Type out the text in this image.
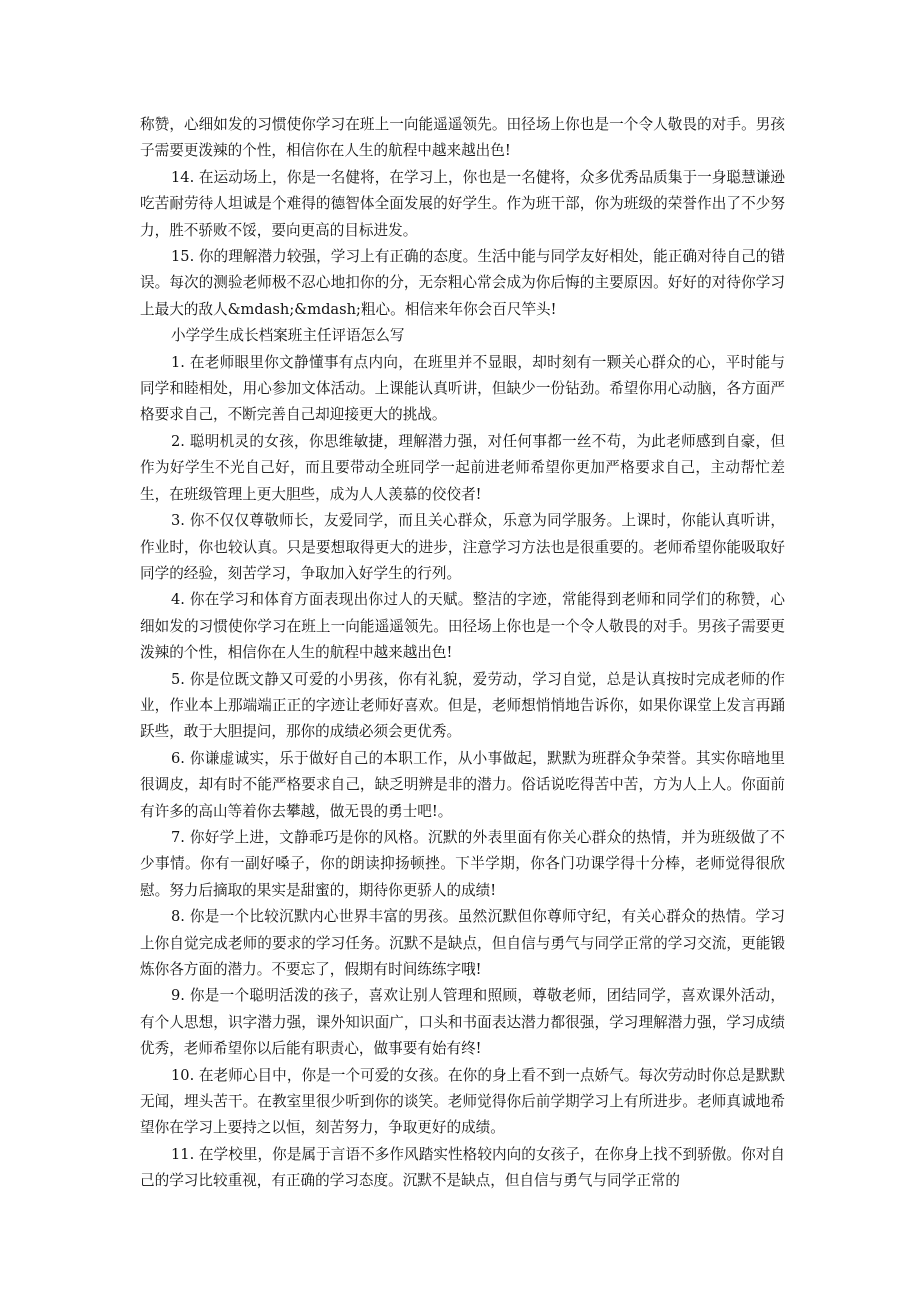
称赞，心细如发的习惯使你学习在班上一向能遥遥领先。田径场上你也是一个令人敬畏的对手。男孩子需要更泼辣的个性，相信你在人生的航程中越来越出色!

14. 在运动场上，你是一名健将，在学习上，你也是一名健将，众多优秀品质集于一身聪慧谦逊吃苦耐劳待人坦诚是个难得的德智体全面发展的好学生。作为班干部，你为班级的荣誉作出了不少努力，胜不骄败不馁，要向更高的目标进发。

15. 你的理解潜力较强，学习上有正确的态度。生活中能与同学友好相处，能正确对待自己的错误。每次的测验老师极不忍心地扣你的分，无奈粗心常会成为你后悔的主要原因。好好的对待你学习上最大的敌人&mdash;&mdash;粗心。相信来年你会百尺竿头!

小学学生成长档案班主任评语怎么写

1. 在老师眼里你文静懂事有点内向，在班里并不显眼，却时刻有一颗关心群众的心，平时能与同学和睦相处，用心参加文体活动。上课能认真听讲，但缺少一份钻劲。希望你用心动脑，各方面严格要求自己，不断完善自己却迎接更大的挑战。

2. 聪明机灵的女孩，你思维敏捷，理解潜力强，对任何事都一丝不苟，为此老师感到自豪，但作为好学生不光自己好，而且要带动全班同学一起前进老师希望你更加严格要求自己，主动帮忙差生，在班级管理上更大胆些，成为人人羡慕的佼佼者!

3. 你不仅仅尊敬师长，友爱同学，而且关心群众，乐意为同学服务。上课时，你能认真听讲，作业时，你也较认真。只是要想取得更大的进步，注意学习方法也是很重要的。老师希望你能吸取好同学的经验，刻苦学习，争取加入好学生的行列。

4. 你在学习和体育方面表现出你过人的天赋。整洁的字迹，常能得到老师和同学们的称赞，心细如发的习惯使你学习在班上一向能遥遥领先。田径场上你也是一个令人敬畏的对手。男孩子需要更泼辣的个性，相信你在人生的航程中越来越出色!

5. 你是位既文静又可爱的小男孩，你有礼貌，爱劳动，学习自觉，总是认真按时完成老师的作业，作业本上那端端正正的字迹让老师好喜欢。但是，老师想悄悄地告诉你，如果你课堂上发言再踊跃些，敢于大胆提问，那你的成绩必须会更优秀。

6. 你谦虚诚实，乐于做好自己的本职工作，从小事做起，默默为班群众争荣誉。其实你暗地里很调皮，却有时不能严格要求自己，缺乏明辨是非的潜力。俗话说吃得苦中苦，方为人上人。你面前有许多的高山等着你去攀越，做无畏的勇士吧!。

7. 你好学上进，文静乖巧是你的风格。沉默的外表里面有你关心群众的热情，并为班级做了不少事情。你有一副好嗓子，你的朗读抑扬顿挫。下半学期，你各门功课学得十分棒，老师觉得很欣慰。努力后摘取的果实是甜蜜的，期待你更骄人的成绩!

8. 你是一个比较沉默内心世界丰富的男孩。虽然沉默但你尊师守纪，有关心群众的热情。学习上你自觉完成老师的要求的学习任务。沉默不是缺点，但自信与勇气与同学正常的学习交流，更能锻炼你各方面的潜力。不要忘了，假期有时间练练字哦!

9. 你是一个聪明活泼的孩子，喜欢让别人管理和照顾，尊敬老师，团结同学，喜欢课外活动，有个人思想，识字潜力强，课外知识面广，口头和书面表达潜力都很强，学习理解潜力强，学习成绩优秀，老师希望你以后能有职责心，做事要有始有终!

10. 在老师心目中，你是一个可爱的女孩。在你的身上看不到一点娇气。每次劳动时你总是默默无闻，埋头苦干。在教室里很少听到你的谈笑。老师觉得你后前学期学习上有所进步。老师真诚地希望你在学习上要持之以恒，刻苦努力，争取更好的成绩。

11. 在学校里，你是属于言语不多作风踏实性格较内向的女孩子，在你身上找不到骄傲。你对自己的学习比较重视，有正确的学习态度。沉默不是缺点，但自信与勇气与同学正常的
